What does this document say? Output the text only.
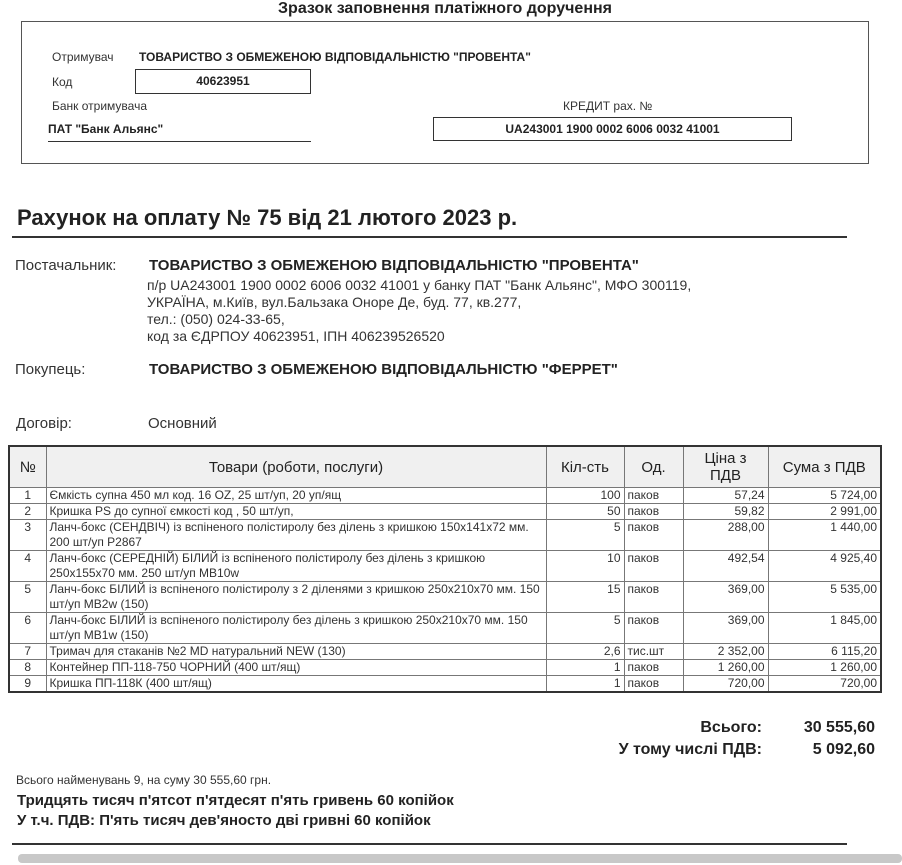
Зразок заповнення платіжного доручення
Отримувач ТОВАРИСТВО З ОБМЕЖЕНОЮ ВІДПОВІДАЛЬНІСТЮ "ПРОВЕНТА"
Код	40623951
Банк отримувача
ПАТ "Банк Альянс"
КРЕДИТ рах. №
UA243001 1900 0002 6006 0032 41001
Рахунок на оплату № 75 від 21 лютого 2023 р.
Постачальник: ТОВАРИСТВО З ОБМЕЖЕНОЮ ВІДПОВІДАЛЬНІСТЮ "ПРОВЕНТА"
п/р UA243001 1900 0002 6006 0032 41001 у банку ПАТ "Банк Альянс", МФО 300119,
УКРАЇНА, м.Київ, вул.Бальзака Оноре Де, буд. 77, кв.277,
тел.: (050) 024-33-65,
код за ЄДРПОУ 40623951, ІПН 406239526520
Покупець:	ТОВАРИСТВО З ОБМЕЖЕНОЮ ВІДПОВІДАЛЬНІСТЮ "ФЕРРЕТ"
Договір:	Основний
№	Товари (роботи, послуги)	Кіл-сть	Од.	Ціна з ПДВ	Сума з ПДВ
1	Ємкість супна 450 мл код. 16 OZ, 25 шт/уп, 20 уп/ящ	100	паков	57,24	5 724,00
2	Кришка PS до супної ємкості код , 50 шт/уп,	50	паков	59,82	2 991,00
3	Ланч-бокс (СЕНДВІЧ) із вспіненого полістиролу без ділень з кришкою 150x141x72 мм. 200 шт/уп P2867	5	паков	288,00	1 440,00
4	Ланч-бокс (СЕРЕДНІЙ) БІЛИЙ із вспіненого полістиролу без ділень з кришкою 250x155x70 мм. 250 шт/уп MB10w	10	паков	492,54	4 925,40
5	Ланч-бокс БІЛИЙ із вспіненого полістиролу з 2 діленями з кришкою 250x210x70 мм. 150 шт/уп MB2w (150)	15	паков	369,00	5 535,00
6	Ланч-бокс БІЛИЙ із вспіненого полістиролу без ділень з кришкою 250x210x70 мм. 150 шт/уп MB1w (150)	5	паков	369,00	1 845,00
7	Тримач для стаканів №2 MD натуральний NEW (130)	2,6	тис.шт	2 352,00	6 115,20
8	Контейнер ПП-118-750 ЧОРНИЙ (400 шт/ящ)	1	паков	1 260,00	1 260,00
9	Кришка ПП-118К (400 шт/ящ)	1	паков	720,00	720,00
Всього:	30 555,60
У тому числі ПДВ:	5 092,60
Всього найменувань 9, на суму 30 555,60 грн.
Тридцять тисяч п'ятсот п'ятдесят п'ять гривень 60 копійок
У т.ч. ПДВ: П'ять тисяч дев'яносто дві гривні 60 копійок
